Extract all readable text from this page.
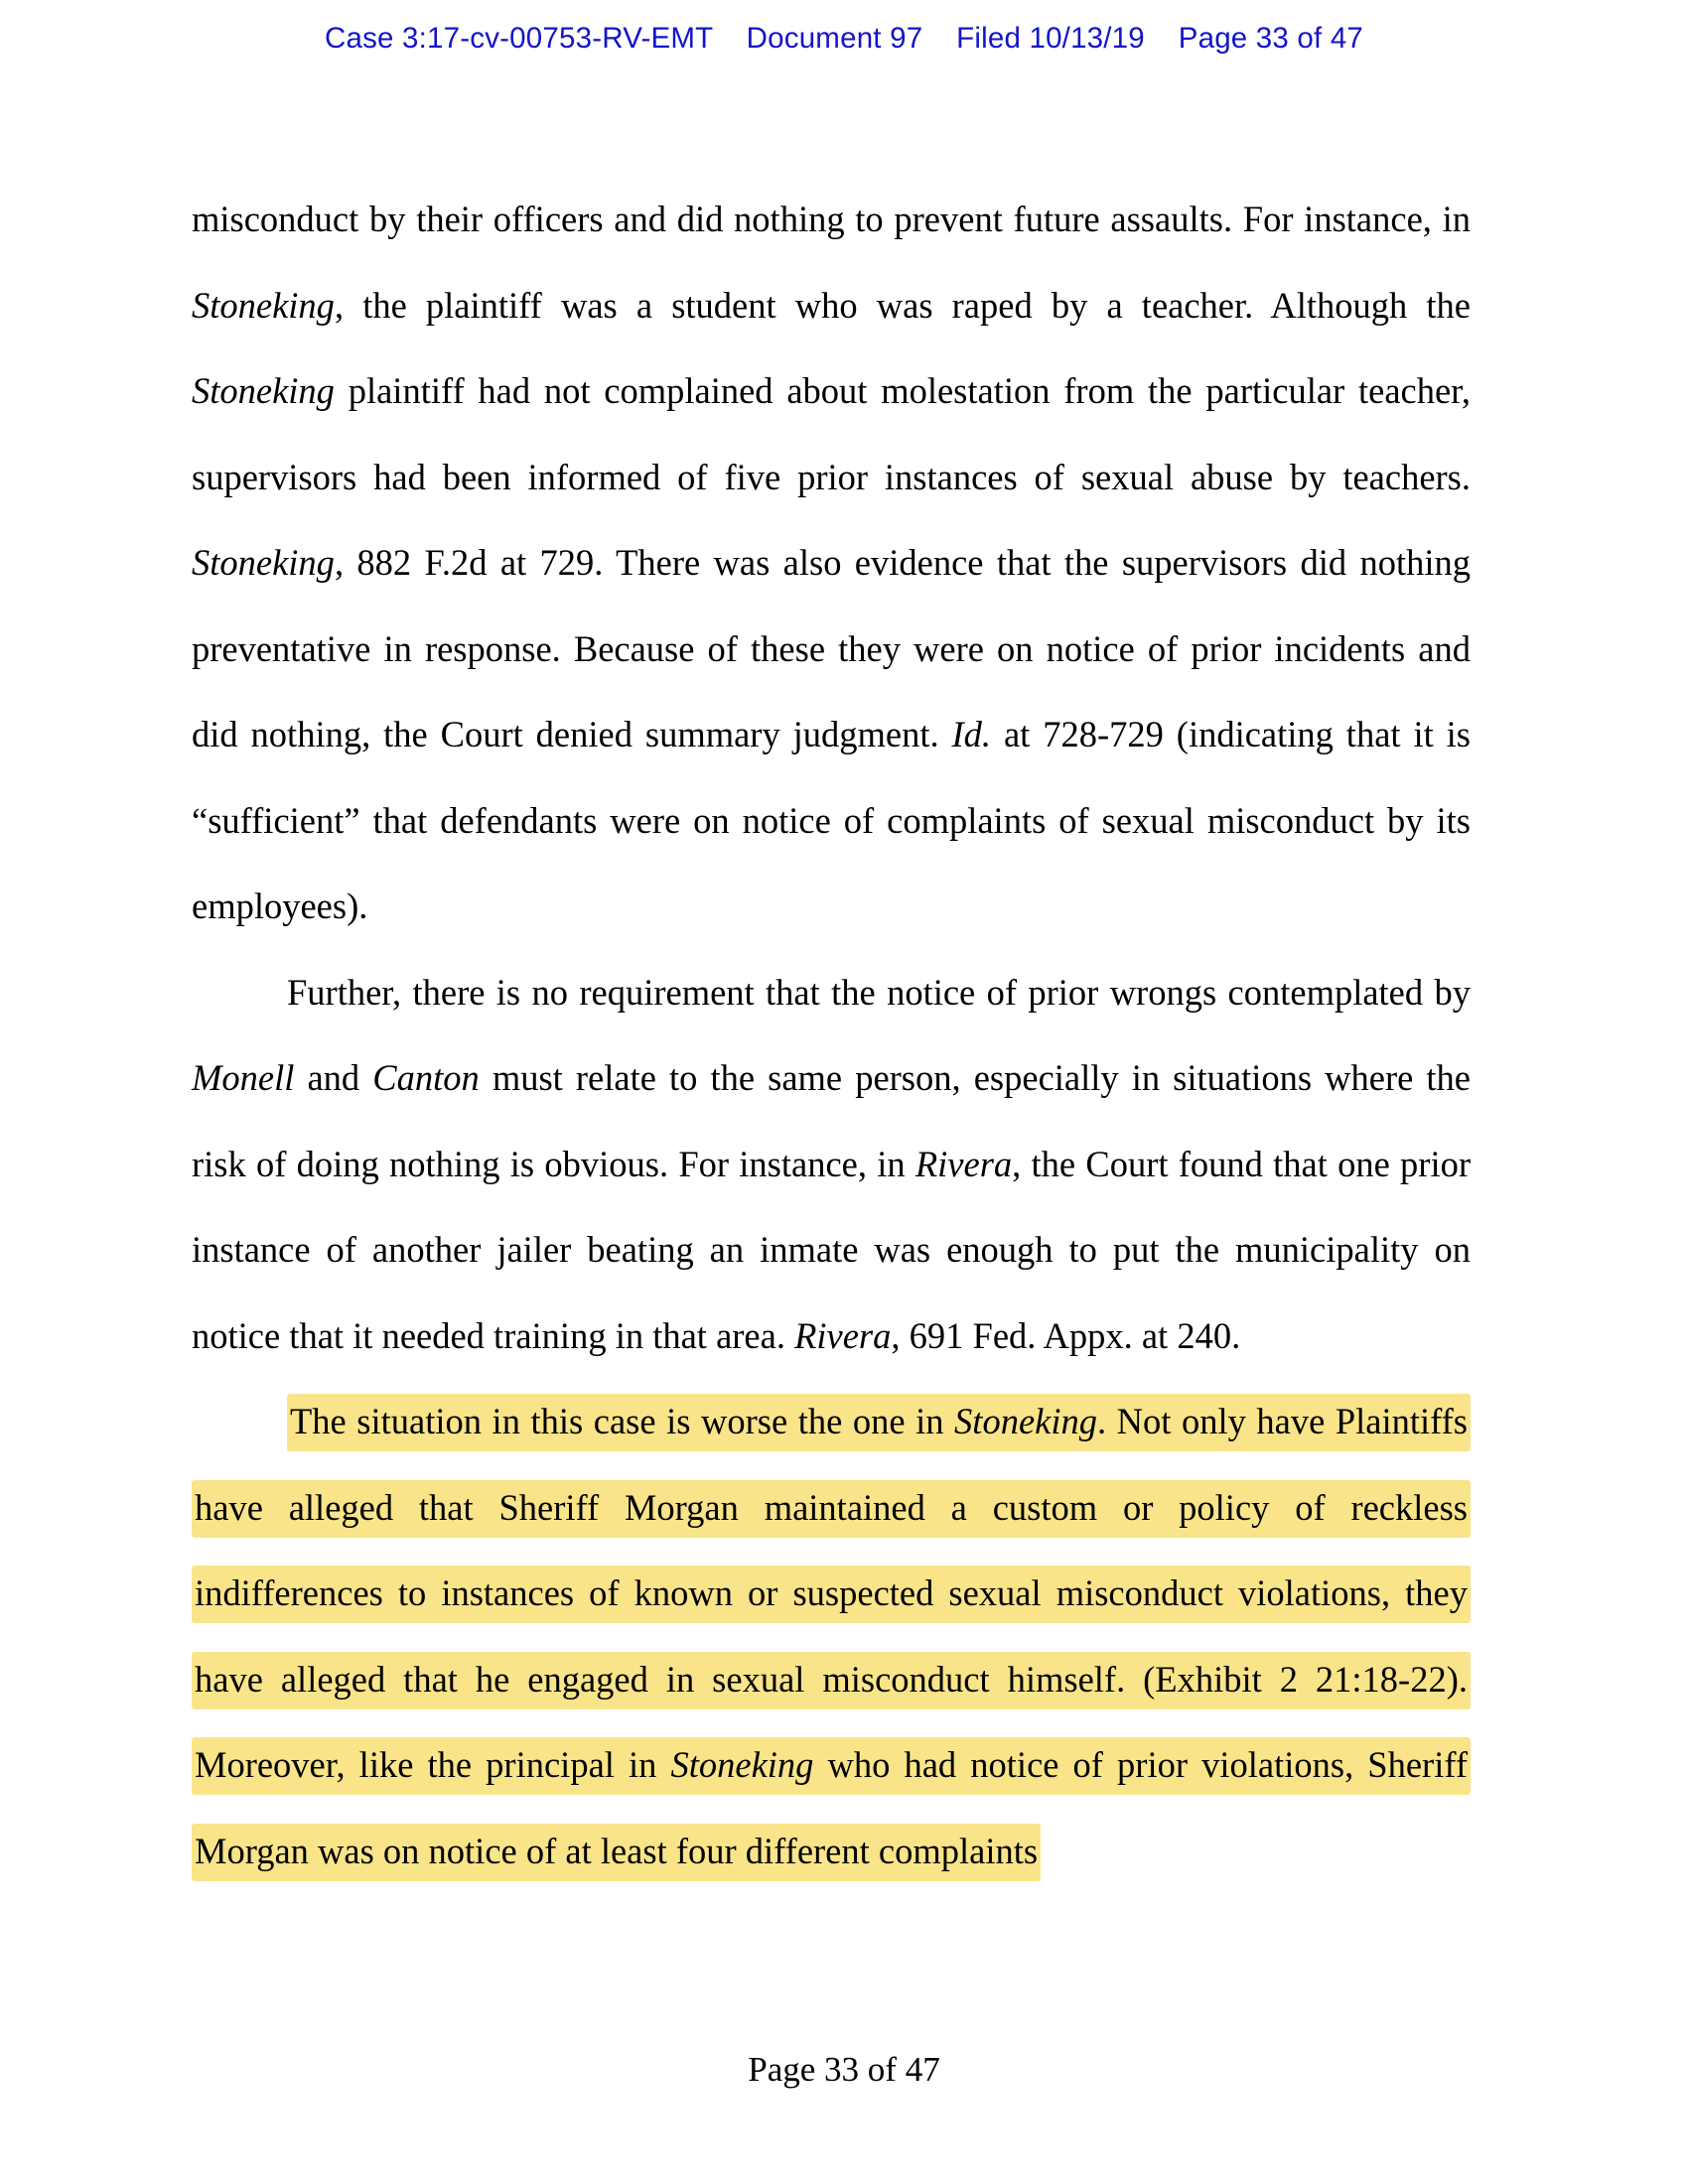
Case 3:17-cv-00753-RV-EMT Document 97 Filed 10/13/19 Page 33 of 47

misconduct by their officers and did nothing to prevent future assaults. For instance, in Stoneking, the plaintiff was a student who was raped by a teacher. Although the Stoneking plaintiff had not complained about molestation from the particular teacher, supervisors had been informed of five prior instances of sexual abuse by teachers. Stoneking, 882 F.2d at 729. There was also evidence that the supervisors did nothing preventative in response. Because of these they were on notice of prior incidents and did nothing, the Court denied summary judgment. Id. at 728-729 (indicating that it is “sufficient” that defendants were on notice of complaints of sexual misconduct by its employees).

Further, there is no requirement that the notice of prior wrongs contemplated by Monell and Canton must relate to the same person, especially in situations where the risk of doing nothing is obvious. For instance, in Rivera, the Court found that one prior instance of another jailer beating an inmate was enough to put the municipality on notice that it needed training in that area. Rivera, 691 Fed. Appx. at 240.

The situation in this case is worse the one in Stoneking. Not only have Plaintiffs have alleged that Sheriff Morgan maintained a custom or policy of reckless indifferences to instances of known or suspected sexual misconduct violations, they have alleged that he engaged in sexual misconduct himself. (Exhibit 2 21:18-22). Moreover, like the principal in Stoneking who had notice of prior violations, Sheriff Morgan was on notice of at least four different complaints

Page 33 of 47
